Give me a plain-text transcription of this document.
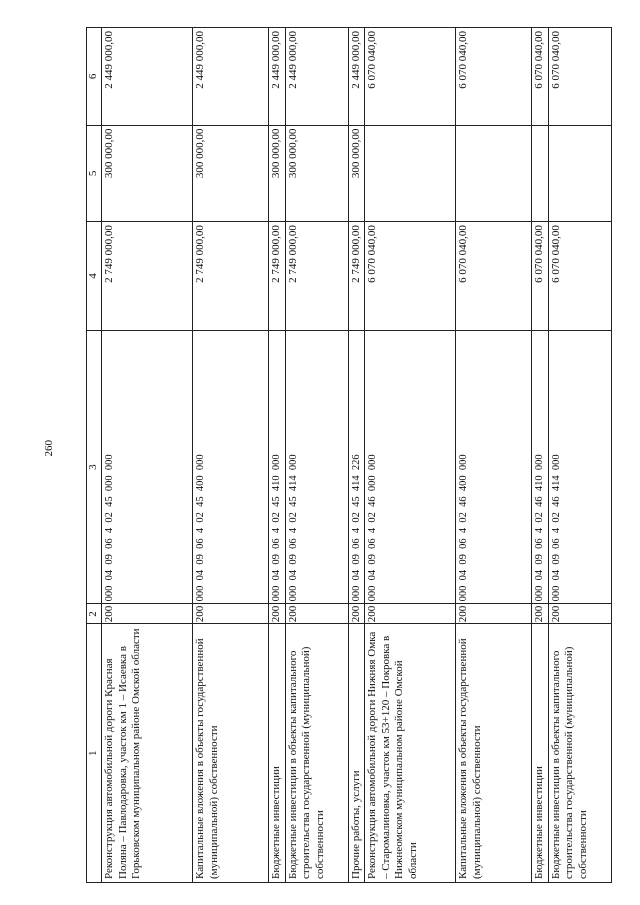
260
1	2	3	4	5	6
Реконструкция автомобильной дороги Красная Поляна – Павлодаровка, участок км 1 – Исаевка в Горьковском муниципальном районе Омской области	200	000  04  09  06  4  02  45  000  000	2 749 000,00	300 000,00	2 449 000,00
Капитальные вложения в объекты государственной (муниципальной) собственности	200	000  04  09  06  4  02  45  400  000	2 749 000,00	300 000,00	2 449 000,00
Бюджетные инвестиции	200	000  04  09  06  4  02  45  410  000	2 749 000,00	300 000,00	2 449 000,00
Бюджетные инвестиции в объекты капитального строительства государственной (муниципальной) собственности	200	000  04  09  06  4  02  45  414  000	2 749 000,00	300 000,00	2 449 000,00
Прочие работы, услуги	200	000  04  09  06  4  02  45  414  226	2 749 000,00	300 000,00	2 449 000,00
Реконструкция автомобильной дороги Нижняя Омка – Старомалиновка, участок км 53+120 – Покровка в Нижнеомском муниципальном районе Омской области	200	000  04  09  06  4  02  46  000  000	6 070 040,00		6 070 040,00
Капитальные вложения в объекты государственной (муниципальной) собственности	200	000  04  09  06  4  02  46  400  000	6 070 040,00		6 070 040,00
Бюджетные инвестиции	200	000  04  09  06  4  02  46  410  000	6 070 040,00		6 070 040,00
Бюджетные инвестиции в объекты капитального строительства государственной (муниципальной) собственности	200	000  04  09  06  4  02  46  414  000	6 070 040,00		6 070 040,00
